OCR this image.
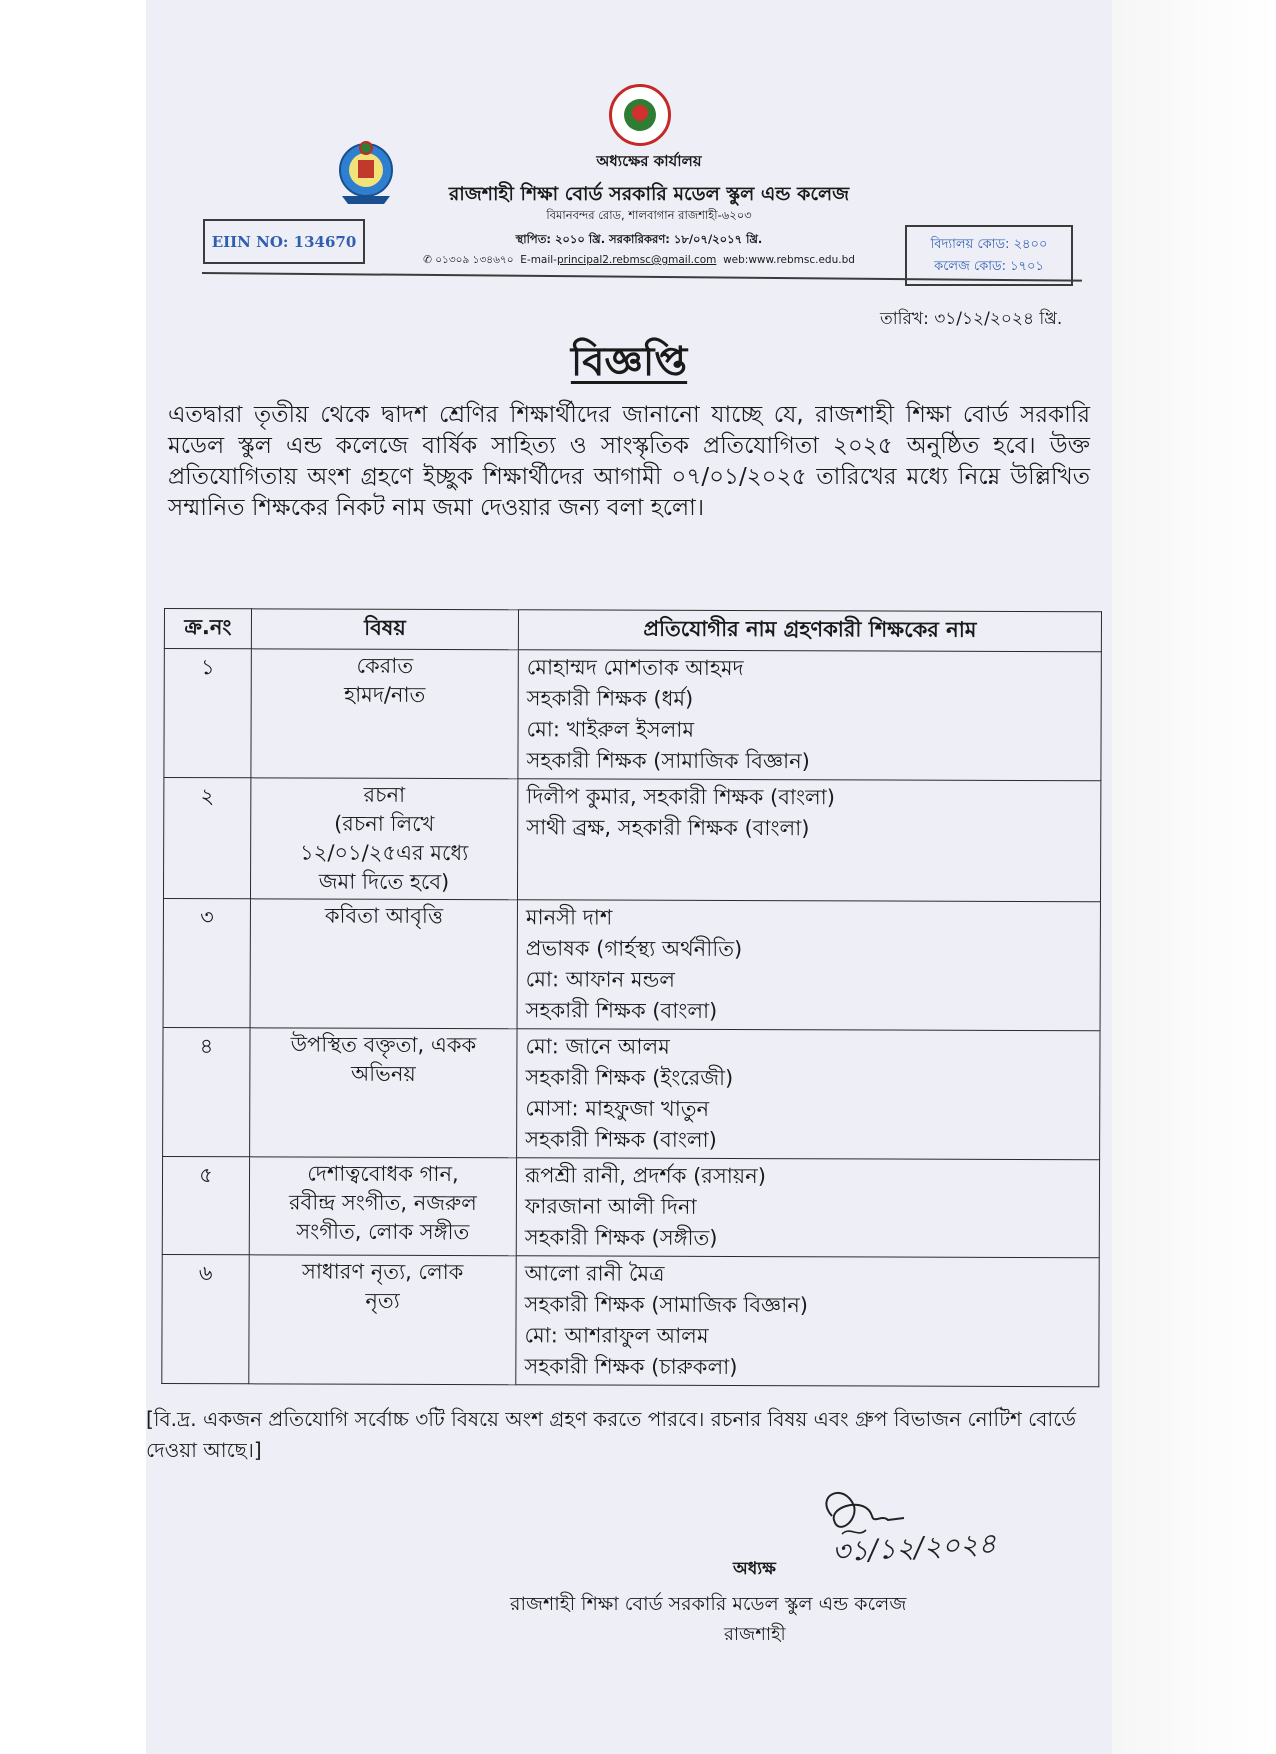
অধ্যক্ষের কার্যালয়
রাজশাহী শিক্ষা বোর্ড সরকারি মডেল স্কুল এন্ড কলেজ
বিমানবন্দর রোড, শালবাগান রাজশাহী-৬২০৩
স্থাপিত: ২০১০ খ্রি. সরকারিকরণ: ১৮/০৭/২০১৭ খ্রি.
✆ ০১৩০৯ ১৩৪৬৭০ E-mail-principal2.rebmsc@gmail.com web:www.rebmsc.edu.bd
EIIN NO: 134670	বিদ্যালয় কোড: ২৪০০
কলেজ কোড: ১৭০১
তারিখ: ৩১/১২/২০২৪ খ্রি.
বিজ্ঞপ্তি
এতদ্বারা তৃতীয় থেকে দ্বাদশ শ্রেণির শিক্ষার্থীদের জানানো যাচ্ছে যে, রাজশাহী শিক্ষা বোর্ড সরকারি মডেল স্কুল এন্ড কলেজে বার্ষিক সাহিত্য ও সাংস্কৃতিক প্রতিযোগিতা ২০২৫ অনুষ্ঠিত হবে। উক্ত প্রতিযোগিতায় অংশ গ্রহণে ইচ্ছুক শিক্ষার্থীদের আগামী ০৭/০১/২০২৫ তারিখের মধ্যে নিম্নে উল্লিখিত সম্মানিত শিক্ষকের নিকট নাম জমা দেওয়ার জন্য বলা হলো।
ক্র.নং	বিষয়	প্রতিযোগীর নাম গ্রহণকারী শিক্ষকের নাম
১	কেরাত
হামদ/নাত	মোহাম্মদ মোশতাক আহমদ
সহকারী শিক্ষক (ধর্ম)
মো: খাইরুল ইসলাম
সহকারী শিক্ষক (সামাজিক বিজ্ঞান)

২	রচনা
(রচনা লিখে
১২/০১/২৫এর মধ্যে
জমা দিতে হবে)	দিলীপ কুমার, সহকারী শিক্ষক (বাংলা)
সাথী ব্রক্ষ, সহকারী শিক্ষক (বাংলা)

৩	কবিতা আবৃত্তি	মানসী দাশ
প্রভাষক (গার্হস্থ্য অর্থনীতি)
মো: আফান মন্ডল
সহকারী শিক্ষক (বাংলা)

৪	উপস্থিত বক্তৃতা, একক
অভিনয়	মো: জানে আলম
সহকারী শিক্ষক (ইংরেজী)
মোসা: মাহফুজা খাতুন
সহকারী শিক্ষক (বাংলা)

৫	দেশাত্ববোধক গান,
রবীন্দ্র সংগীত, নজরুল
সংগীত, লোক সঙ্গীত	রূপশ্রী রানী, প্রদর্শক (রসায়ন)
ফারজানা আলী দিনা
সহকারী শিক্ষক (সঙ্গীত)

৬	সাধারণ নৃত্য, লোক
নৃত্য	আলো রানী মৈত্র
সহকারী শিক্ষক (সামাজিক বিজ্ঞান)
মো: আশরাফুল আলম
সহকারী শিক্ষক (চারুকলা)
[বি.দ্র. একজন প্রতিযোগি সর্বোচ্চ ৩টি বিষয়ে অংশ গ্রহণ করতে পারবে। রচনার বিষয় এবং গ্রুপ বিভাজন নোটিশ বোর্ডে দেওয়া আছে।]
৩১/১২/২০২৪
অধ্যক্ষ
রাজশাহী শিক্ষা বোর্ড সরকারি মডেল স্কুল এন্ড কলেজ
রাজশাহী
